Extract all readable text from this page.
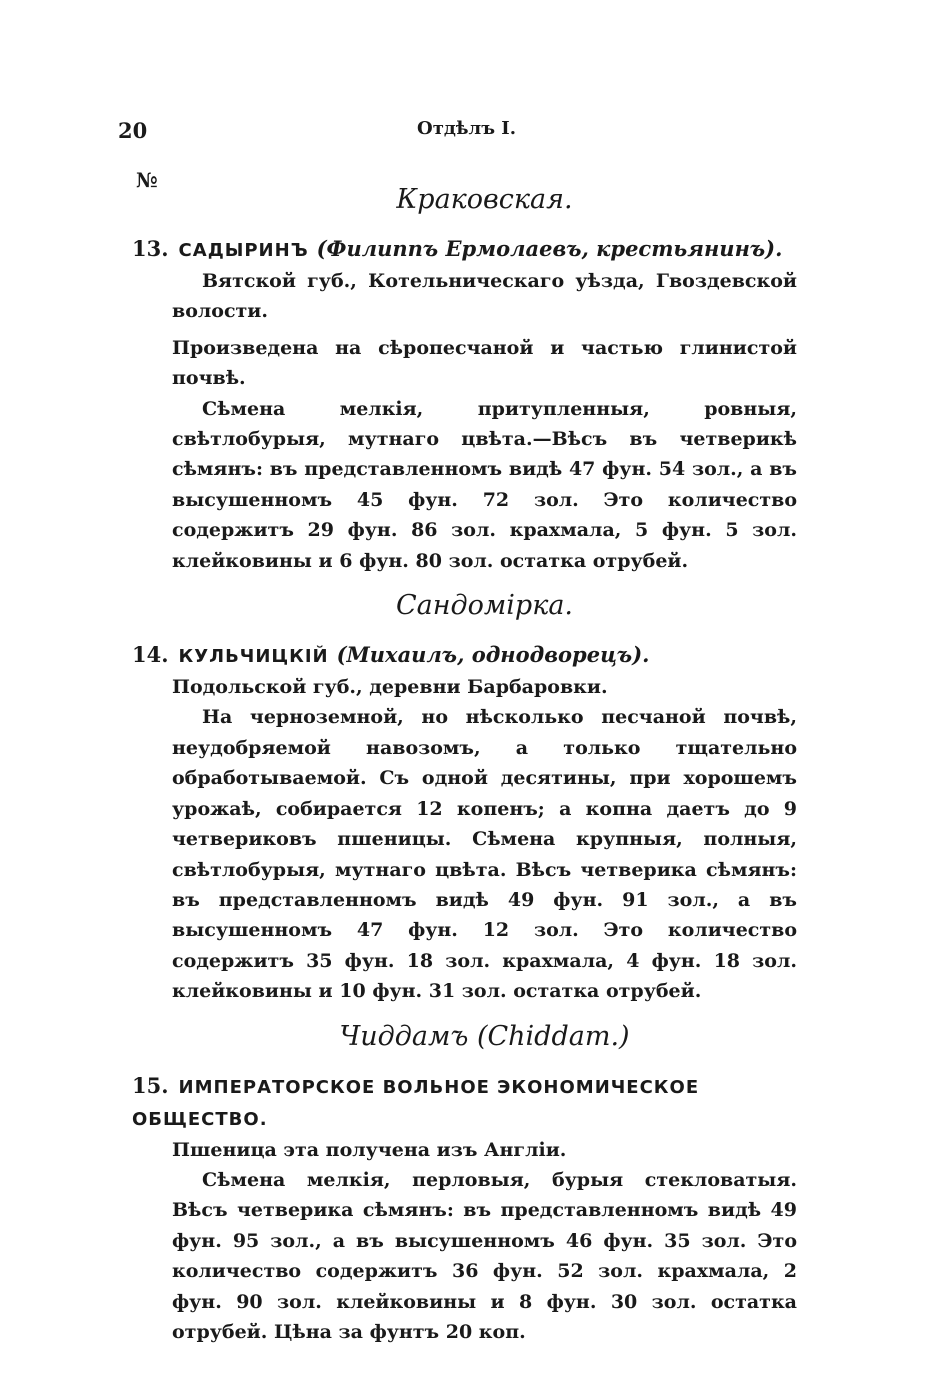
20	Отдѣлъ I.
№
Краковская.

13. САДЫРИНЪ (Филиппъ Ермолаевъ, крестьянинъ).

Вятской губ., Котельническаго уѣзда, Гвоздевской волости.

Произведена на сѣропесчаной и частью глинистой почвѣ.

Сѣмена мелкія, притупленныя, ровныя, свѣтлобурыя, мутнаго цвѣта.—Вѣсъ въ четверикѣ сѣмянъ: въ представленномъ видѣ 47 фун. 54 зол., а въ высушенномъ 45 фун. 72 зол. Это количество содержитъ 29 фун. 86 зол. крахмала, 5 фун. 5 зол. клейковины и 6 фун. 80 зол. остатка отрубей.

Сандомірка.

14. КУЛЬЧИЦКІЙ (Михаилъ, однодворецъ).

Подольской губ., деревни Барбаровки.

На черноземной, но нѣсколько песчаной почвѣ, неудобряемой навозомъ, а только тщательно обработываемой. Съ одной десятины, при хорошемъ урожаѣ, собирается 12 копенъ; а копна даетъ до 9 четвериковъ пшеницы. Сѣмена крупныя, полныя, свѣтлобурыя, мутнаго цвѣта. Вѣсъ четверика сѣмянъ: въ представленномъ видѣ 49 фун. 91 зол., а въ высушенномъ 47 фун. 12 зол. Это количество содержитъ 35 фун. 18 зол. крахмала, 4 фун. 18 зол. клейковины и 10 фун. 31 зол. остатка отрубей.

Чиддамъ (Chiddam.)

15. ИМПЕРАТОРСКОЕ ВОЛЬНОЕ ЭКОНОМИЧЕСКОЕ ОБЩЕСТВО.

Пшеница эта получена изъ Англіи.

Сѣмена мелкія, перловыя, бурыя стекловатыя. Вѣсъ четверика сѣмянъ: въ представленномъ видѣ 49 фун. 95 зол., а въ высушенномъ 46 фун. 35 зол. Это количество содержитъ 36 фун. 52 зол. крахмала, 2 фун. 90 зол. клейковины и 8 фун. 30 зол. остатка отрубей. Цѣна за фунтъ 20 коп.
